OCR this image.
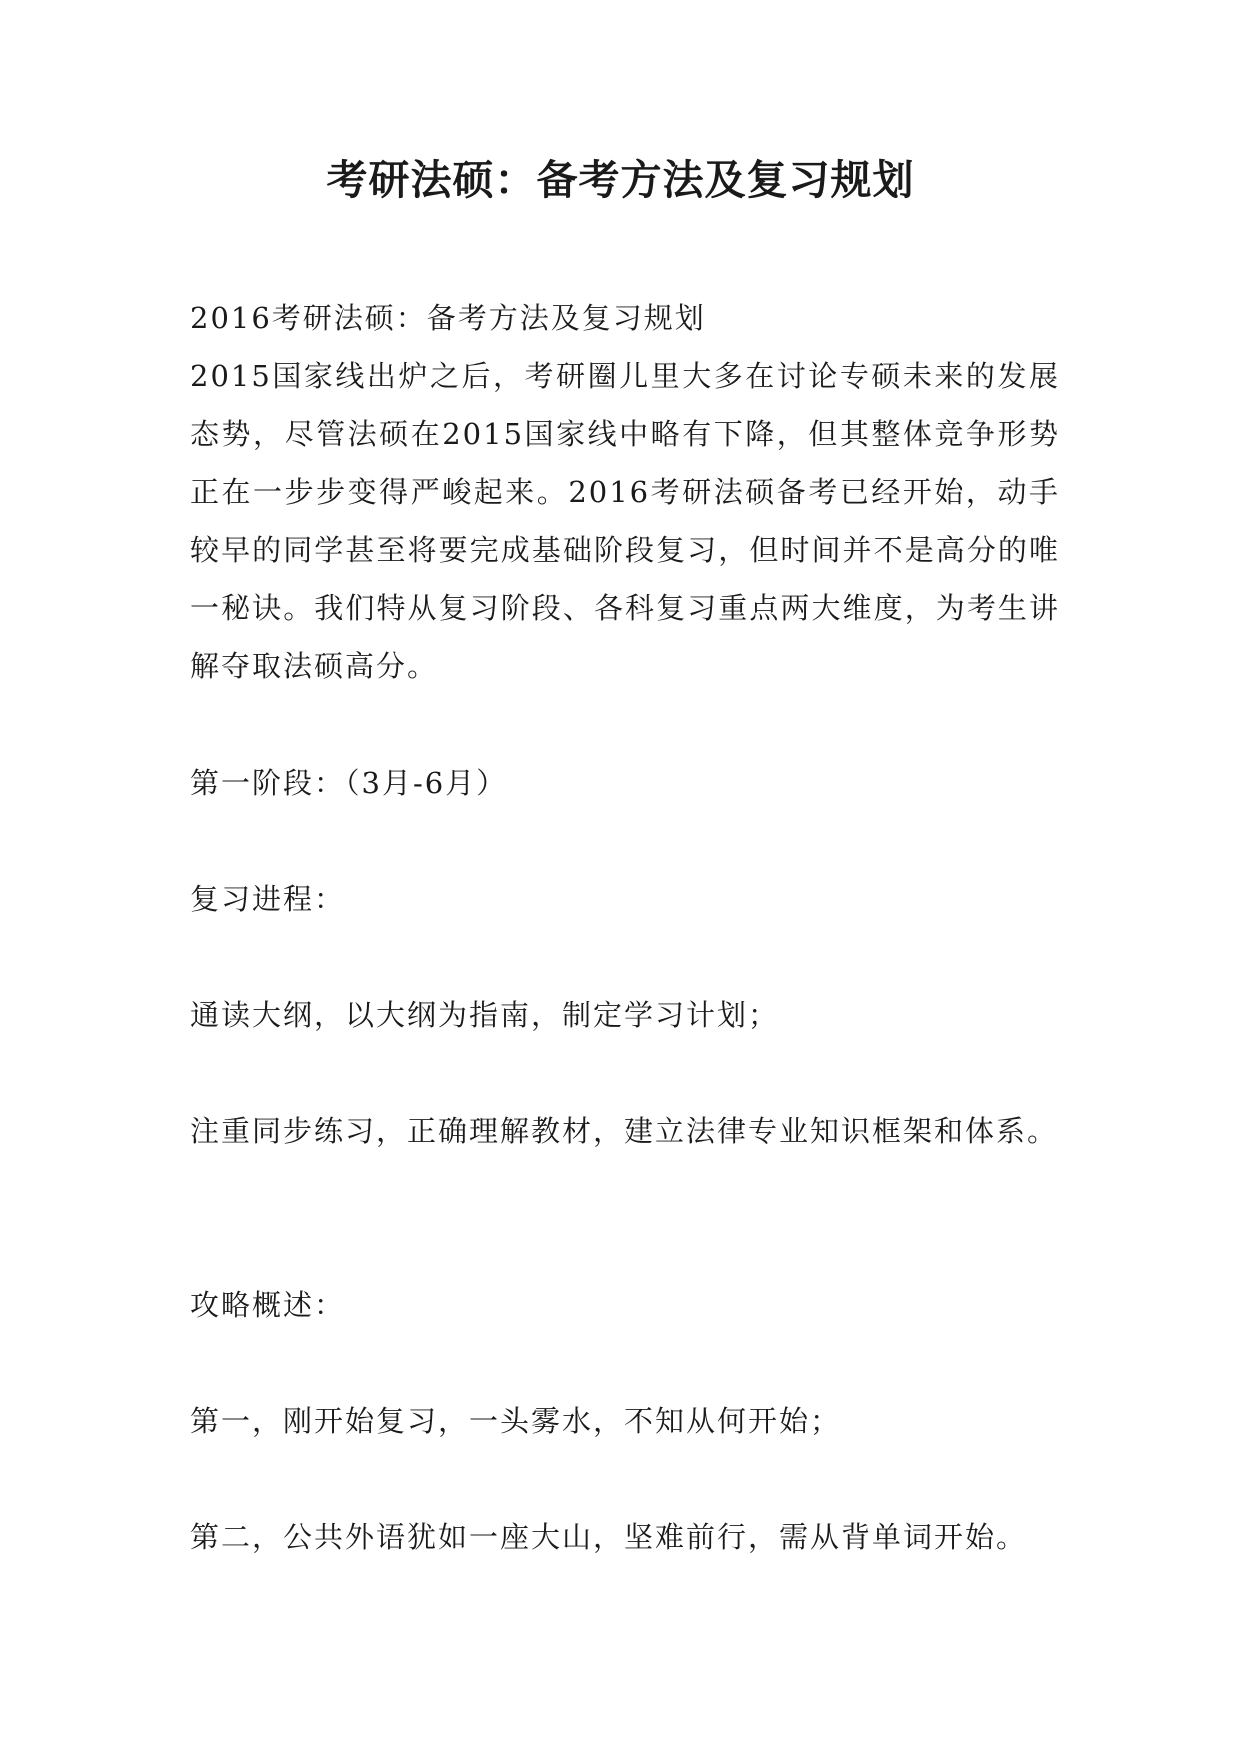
考研法硕：备考方法及复习规划

2016考研法硕：备考方法及复习规划

2015国家线出炉之后，考研圈儿里大多在讨论专硕未来的发展态势，尽管法硕在2015国家线中略有下降，但其整体竞争形势正在一步步变得严峻起来。2016考研法硕备考已经开始，动手较早的同学甚至将要完成基础阶段复习，但时间并不是高分的唯一秘诀。我们特从复习阶段、各科复习重点两大维度，为考生讲解夺取法硕高分。

第一阶段：（3月-6月）

复习进程：

通读大纲，以大纲为指南，制定学习计划；

注重同步练习，正确理解教材，建立法律专业知识框架和体系。

攻略概述：

第一，刚开始复习，一头雾水，不知从何开始；

第二，公共外语犹如一座大山，坚难前行，需从背单词开始。
